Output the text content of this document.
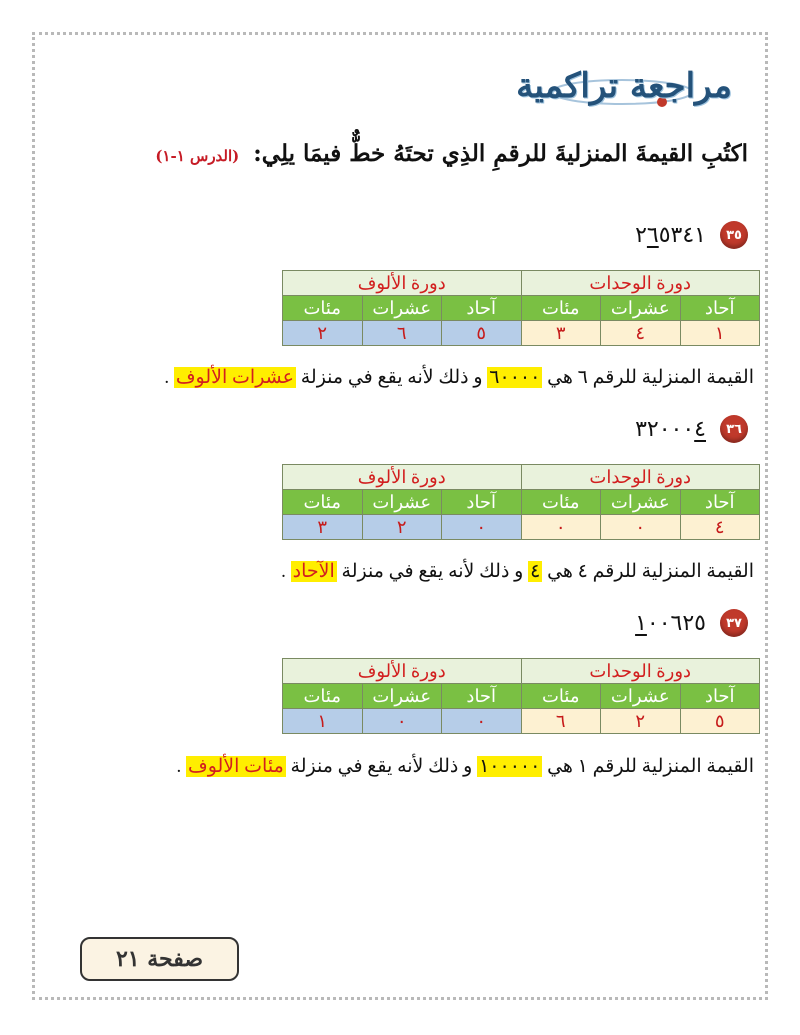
مراجعة تراكمية
اكتُبِ القيمةَ المنزليةَ للرقمِ الذِي تحتَهُ خطٌّ فيمَا يلِي: (الدرس ١-١)
٣٥
٢٦٥٣٤١
دورة الوحدات			دورة الألوف		
آحاد	عشرات	مئات	آحاد	عشرات	مئات
١	٤	٣	٥	٦	٢
القيمة المنزلية للرقم ٦ هي ٦٠٠٠٠ و ذلك لأنه يقع في منزلة عشرات الألوف .
٣٦
٣٢٠٠٠٤
دورة الوحدات			دورة الألوف		
آحاد	عشرات	مئات	آحاد	عشرات	مئات
٤	٠	٠	٠	٢	٣
القيمة المنزلية للرقم ٤ هي ٤ و ذلك لأنه يقع في منزلة الآحاد .
٣٧
١٠٠٦٢٥
دورة الوحدات			دورة الألوف		
آحاد	عشرات	مئات	آحاد	عشرات	مئات
٥	٢	٦	٠	٠	١
القيمة المنزلية للرقم ١ هي ١٠٠٠٠٠ و ذلك لأنه يقع في منزلة مئات الألوف .
صفحة ٢١
